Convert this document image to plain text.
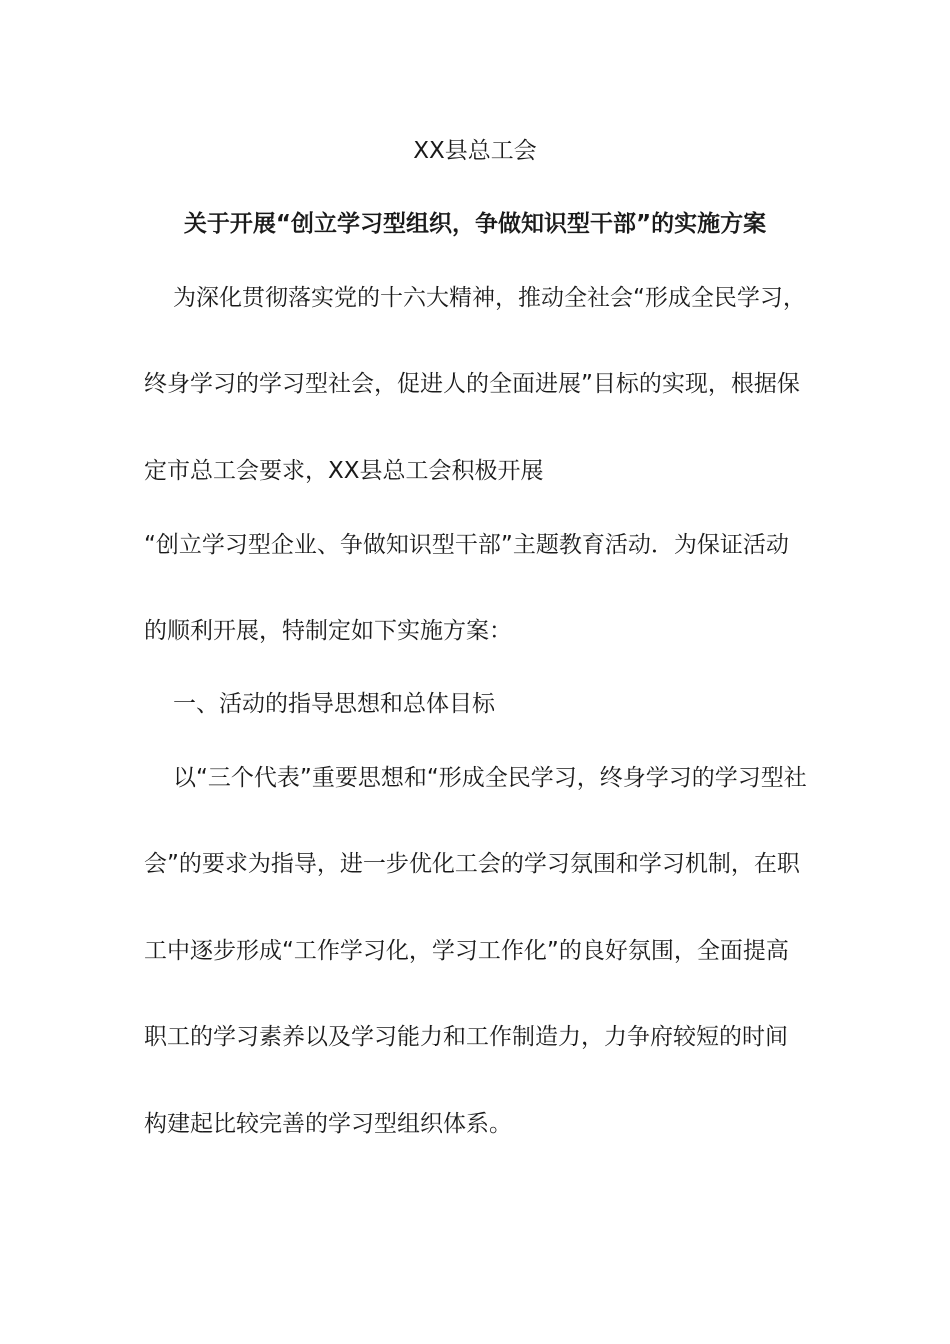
XX县总工会
关于开展“创立学习型组织，争做知识型干部”的实施方案
为深化贯彻落实党的十六大精神，推动全社会“形成全民学习，
终身学习的学习型社会，促进人的全面进展”目标的实现，根据保
定市总工会要求，XX县总工会积极开展
“创立学习型企业、争做知识型干部”主题教育活动．为保证活动
的顺利开展，特制定如下实施方案：
一、活动的指导思想和总体目标
以“三个代表”重要思想和“形成全民学习，终身学习的学习型社
会”的要求为指导，进一步优化工会的学习氛围和学习机制，在职
工中逐步形成“工作学习化，学习工作化”的良好氛围，全面提高
职工的学习素养以及学习能力和工作制造力，力争府较短的时间
构建起比较完善的学习型组织体系。
